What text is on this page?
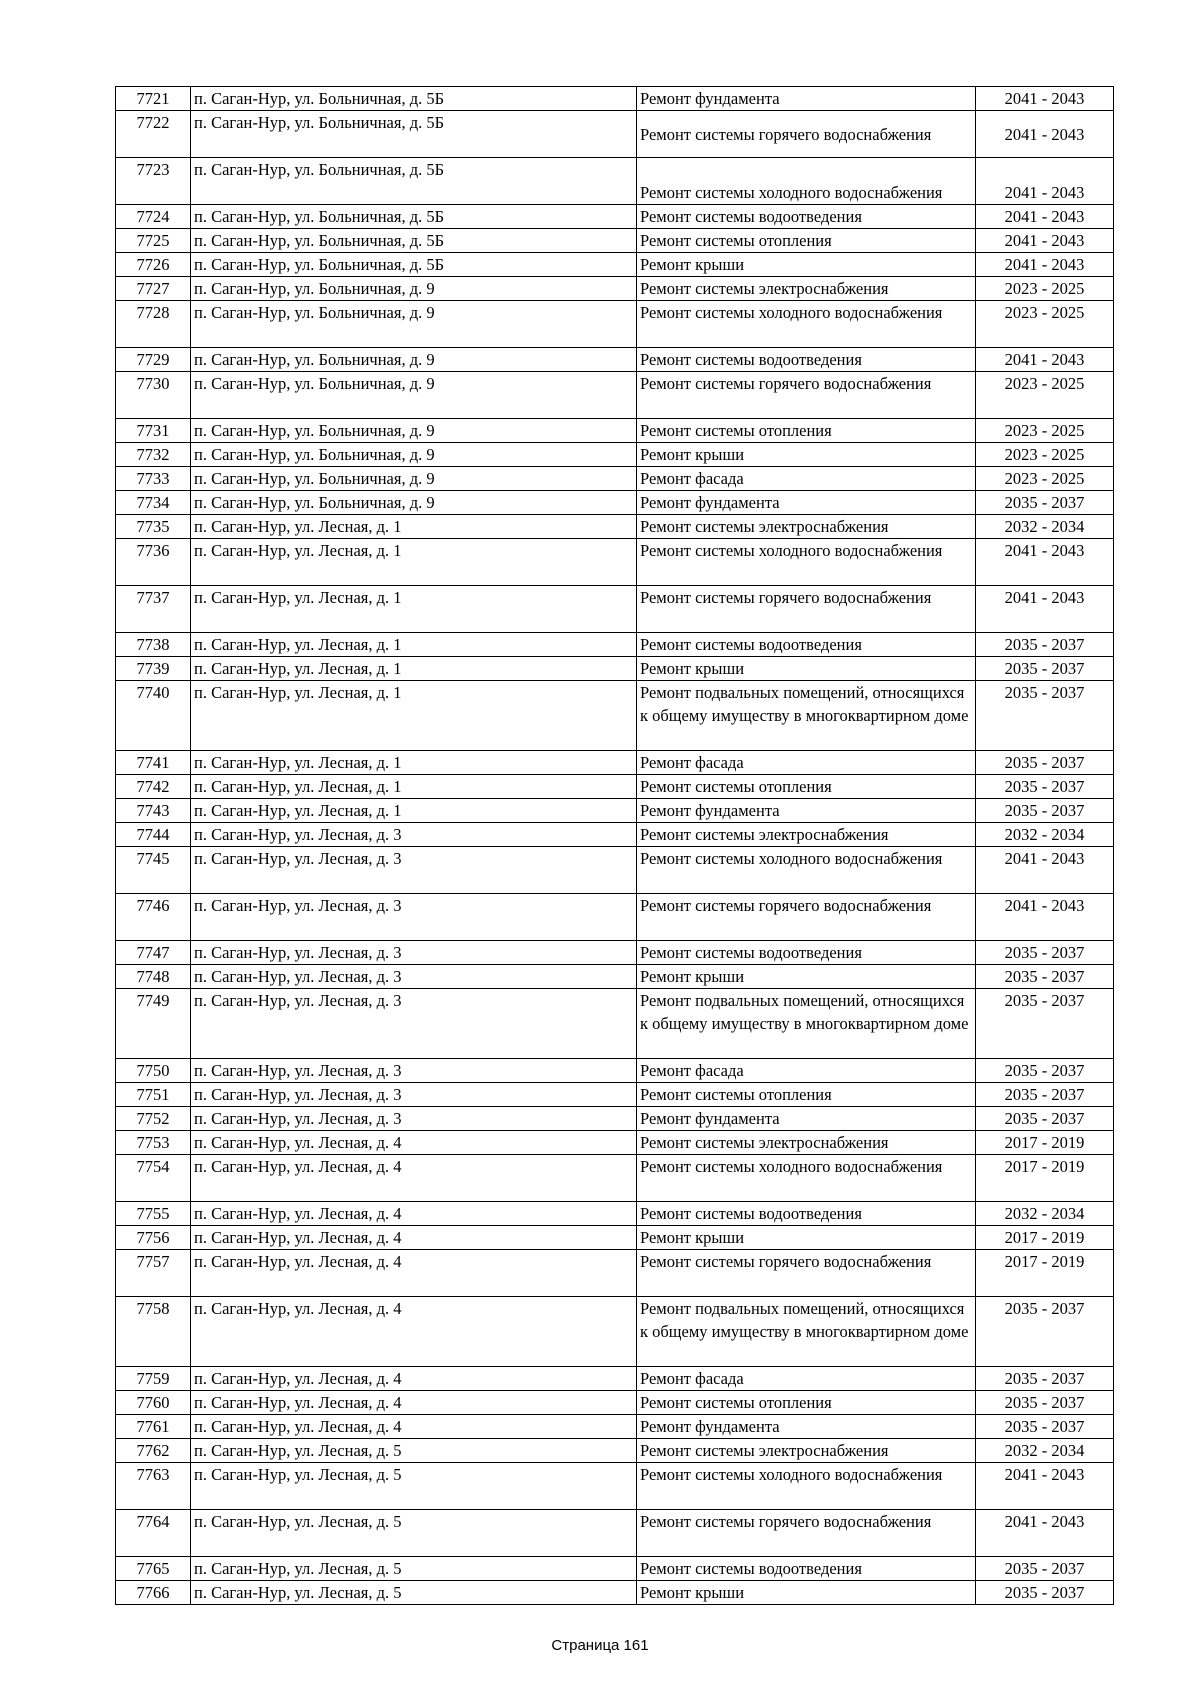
7721	п. Саган-Нур, ул. Больничная, д. 5Б	Ремонт фундамента	2041 - 2043
7722	п. Саган-Нур, ул. Больничная, д. 5Б	Ремонт системы горячего водоснабжения	2041 - 2043
7723	п. Саган-Нур, ул. Больничная, д. 5Б	Ремонт системы холодного водоснабжения	2041 - 2043
7724	п. Саган-Нур, ул. Больничная, д. 5Б	Ремонт системы водоотведения	2041 - 2043
7725	п. Саган-Нур, ул. Больничная, д. 5Б	Ремонт системы отопления	2041 - 2043
7726	п. Саган-Нур, ул. Больничная, д. 5Б	Ремонт крыши	2041 - 2043
7727	п. Саган-Нур, ул. Больничная, д. 9	Ремонт системы электроснабжения	2023 - 2025
7728	п. Саган-Нур, ул. Больничная, д. 9	Ремонт системы холодного водоснабжения	2023 - 2025
7729	п. Саган-Нур, ул. Больничная, д. 9	Ремонт системы водоотведения	2041 - 2043
7730	п. Саган-Нур, ул. Больничная, д. 9	Ремонт системы горячего водоснабжения	2023 - 2025
7731	п. Саган-Нур, ул. Больничная, д. 9	Ремонт системы отопления	2023 - 2025
7732	п. Саган-Нур, ул. Больничная, д. 9	Ремонт крыши	2023 - 2025
7733	п. Саган-Нур, ул. Больничная, д. 9	Ремонт фасада	2023 - 2025
7734	п. Саган-Нур, ул. Больничная, д. 9	Ремонт фундамента	2035 - 2037
7735	п. Саган-Нур, ул. Лесная, д. 1	Ремонт системы электроснабжения	2032 - 2034
7736	п. Саган-Нур, ул. Лесная, д. 1	Ремонт системы холодного водоснабжения	2041 - 2043
7737	п. Саган-Нур, ул. Лесная, д. 1	Ремонт системы горячего водоснабжения	2041 - 2043
7738	п. Саган-Нур, ул. Лесная, д. 1	Ремонт системы водоотведения	2035 - 2037
7739	п. Саган-Нур, ул. Лесная, д. 1	Ремонт крыши	2035 - 2037
7740	п. Саган-Нур, ул. Лесная, д. 1	Ремонт подвальных помещений, относящихся к общему имуществу в многоквартирном доме	2035 - 2037
7741	п. Саган-Нур, ул. Лесная, д. 1	Ремонт фасада	2035 - 2037
7742	п. Саган-Нур, ул. Лесная, д. 1	Ремонт системы отопления	2035 - 2037
7743	п. Саган-Нур, ул. Лесная, д. 1	Ремонт фундамента	2035 - 2037
7744	п. Саган-Нур, ул. Лесная, д. 3	Ремонт системы электроснабжения	2032 - 2034
7745	п. Саган-Нур, ул. Лесная, д. 3	Ремонт системы холодного водоснабжения	2041 - 2043
7746	п. Саган-Нур, ул. Лесная, д. 3	Ремонт системы горячего водоснабжения	2041 - 2043
7747	п. Саган-Нур, ул. Лесная, д. 3	Ремонт системы водоотведения	2035 - 2037
7748	п. Саган-Нур, ул. Лесная, д. 3	Ремонт крыши	2035 - 2037
7749	п. Саган-Нур, ул. Лесная, д. 3	Ремонт подвальных помещений, относящихся к общему имуществу в многоквартирном доме	2035 - 2037
7750	п. Саган-Нур, ул. Лесная, д. 3	Ремонт фасада	2035 - 2037
7751	п. Саган-Нур, ул. Лесная, д. 3	Ремонт системы отопления	2035 - 2037
7752	п. Саган-Нур, ул. Лесная, д. 3	Ремонт фундамента	2035 - 2037
7753	п. Саган-Нур, ул. Лесная, д. 4	Ремонт системы электроснабжения	2017 - 2019
7754	п. Саган-Нур, ул. Лесная, д. 4	Ремонт системы холодного водоснабжения	2017 - 2019
7755	п. Саган-Нур, ул. Лесная, д. 4	Ремонт системы водоотведения	2032 - 2034
7756	п. Саган-Нур, ул. Лесная, д. 4	Ремонт крыши	2017 - 2019
7757	п. Саган-Нур, ул. Лесная, д. 4	Ремонт системы горячего водоснабжения	2017 - 2019
7758	п. Саган-Нур, ул. Лесная, д. 4	Ремонт подвальных помещений, относящихся к общему имуществу в многоквартирном доме	2035 - 2037
7759	п. Саган-Нур, ул. Лесная, д. 4	Ремонт фасада	2035 - 2037
7760	п. Саган-Нур, ул. Лесная, д. 4	Ремонт системы отопления	2035 - 2037
7761	п. Саган-Нур, ул. Лесная, д. 4	Ремонт фундамента	2035 - 2037
7762	п. Саган-Нур, ул. Лесная, д. 5	Ремонт системы электроснабжения	2032 - 2034
7763	п. Саган-Нур, ул. Лесная, д. 5	Ремонт системы холодного водоснабжения	2041 - 2043
7764	п. Саган-Нур, ул. Лесная, д. 5	Ремонт системы горячего водоснабжения	2041 - 2043
7765	п. Саган-Нур, ул. Лесная, д. 5	Ремонт системы водоотведения	2035 - 2037
7766	п. Саган-Нур, ул. Лесная, д. 5	Ремонт крыши	2035 - 2037
Страница 161
